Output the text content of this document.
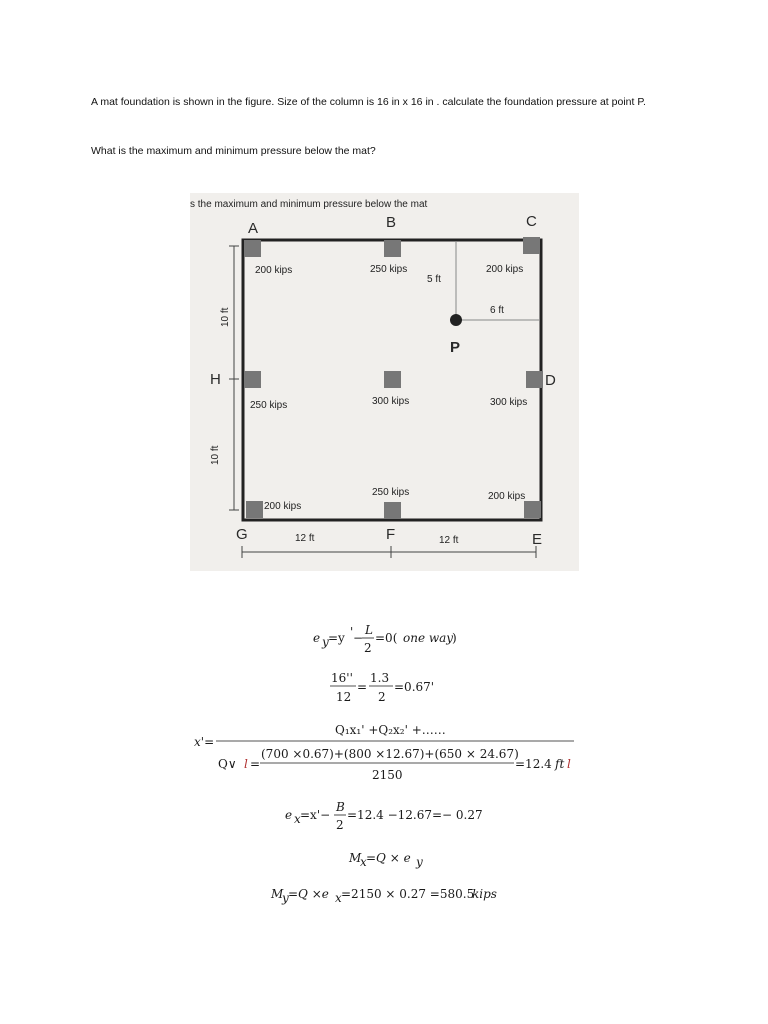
A mat foundation is shown in the figure. Size of the column is 16 in x 16 in . calculate the foundation pressure at point P.
What is the maximum and minimum pressure below the mat?
s the maximum and minimum pressure below the mat
A	B	C
H	D
G	F	E
200 kips	250 kips	200 kips
250 kips	300 kips	300 kips
200 kips
250 kips	200 kips
P
5 ft
6 ft
10 ft
10 ft
12 ft	12 ft
e y =y ' −
L
2
=0( one way
)
16''
12
=
1.3
2
=0.67'
x'=
Q₁x₁' +Q₂x₂' +……
Q∨ l =
(700 ×0.67)+(800 ×12.67)+(650 × 24.67)
2150
=12.4 ft l
e x =x'−
B
2
=12.4 −12.67=− 0.27
M
x =Q × e y
M
y =Q ×e x =2150 × 0.27 =580.5
kips
